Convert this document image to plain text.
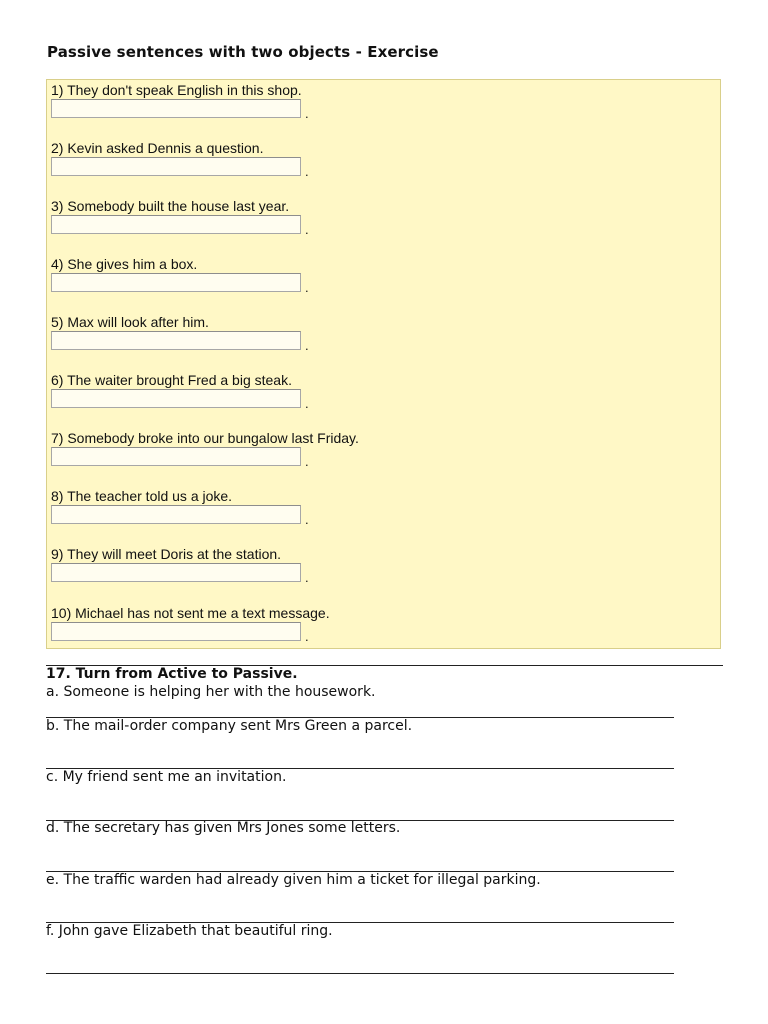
Passive sentences with two objects - Exercise
1) They don't speak English in this shop.
.
2) Kevin asked Dennis a question.
.
3) Somebody built the house last year.
.
4) She gives him a box.
.
5) Max will look after him.
.
6) The waiter brought Fred a big steak.
.
7) Somebody broke into our bungalow last Friday.
.
8) The teacher told us a joke.
.
9) They will meet Doris at the station.
.
10) Michael has not sent me a text message.
.
17. Turn from Active to Passive.
a. Someone is helping her with the housework.
b. The mail-order company sent Mrs Green a parcel.
c. My friend sent me an invitation.
d. The secretary has given Mrs Jones some letters.
e. The traffic warden had already given him a ticket for illegal parking.
f. John gave Elizabeth that beautiful ring.
